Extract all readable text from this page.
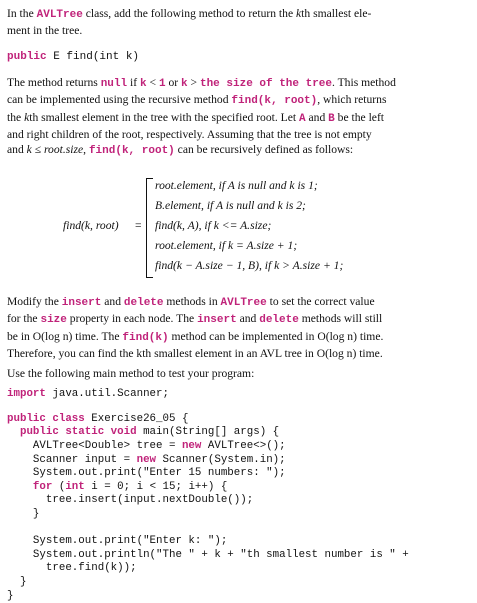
In the AVLTree class, add the following method to return the kth smallest ele-
ment in the tree.

public E find(int k)

The method returns null if k < 1 or k > the size of the tree. This method
can be implemented using the recursive method find(k, root), which returns
the kth smallest element in the tree with the specified root. Let A and B be the left
and right children of the root, respectively. Assuming that the tree is not empty
and k ≤ root.size, find(k, root) can be recursively defined as follows:

find(k, root) =
root.element, if A is null and k is 1;
B.element, if A is null and k is 2;
find(k, A), if k <= A.size;
root.element, if k = A.size + 1;
find(k − A.size − 1, B), if k > A.size + 1;

Modify the insert and delete methods in AVLTree to set the correct value
for the size property in each node. The insert and delete methods will still
be in O(log n) time. The find(k) method can be implemented in O(log n) time.
Therefore, you can find the kth smallest element in an AVL tree in O(log n) time.

Use the following main method to test your program:

import java.util.Scanner;
public class Exercise26_05 {
public static void main(String[] args) {
AVLTree<Double> tree = new AVLTree<>();
Scanner input = new Scanner(System.in);
System.out.print("Enter 15 numbers: ");
for (int i = 0; i < 15; i++) {
tree.insert(input.nextDouble());
}

System.out.print("Enter k: ");
System.out.println("The " + k + "th smallest number is " +
tree.find(k));
}
}
